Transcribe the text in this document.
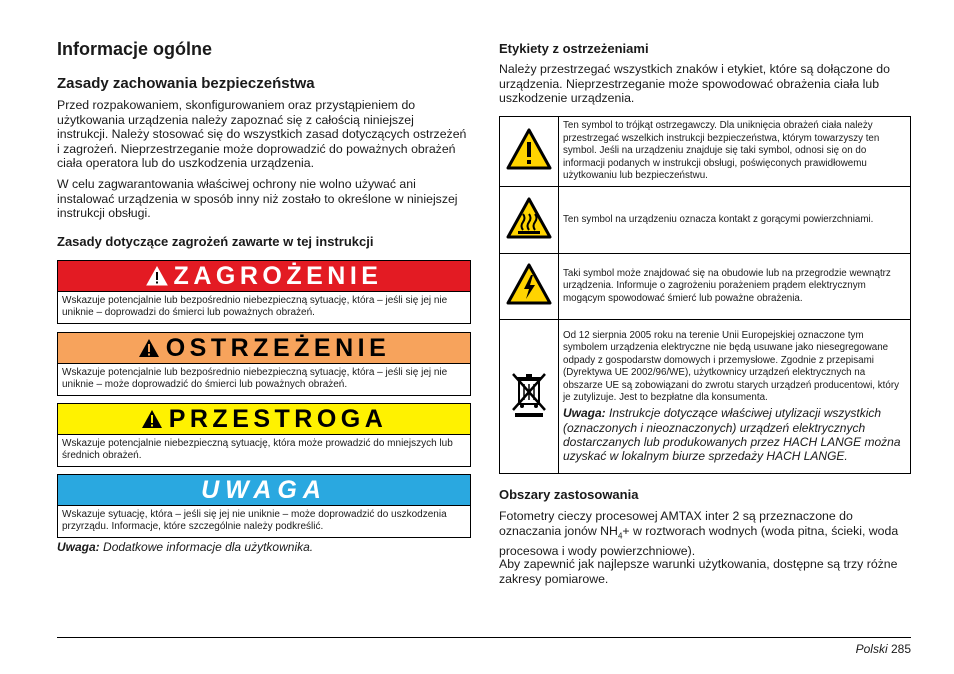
Informacje ogólne
Zasady zachowania bezpieczeństwa

Przed rozpakowaniem, skonfigurowaniem oraz przystąpieniem do użytkowania urządzenia należy zapoznać się z całością niniejszej instrukcji. Należy stosować się do wszystkich zasad dotyczących ostrzeżeń i zagrożeń. Nieprzestrzeganie może doprowadzić do poważnych obrażeń ciała operatora lub do uszkodzenia urządzenia.

W celu zagwarantowania właściwej ochrony nie wolno używać ani instalować urządzenia w sposób inny niż zostało to określone w niniejszej instrukcji obsługi.

Zasady dotyczące zagrożeń zawarte w tej instrukcji
ZAGROŻENIE
Wskazuje potencjalnie lub bezpośrednio niebezpieczną sytuację, która – jeśli się jej nie uniknie – doprowadzi do śmierci lub poważnych obrażeń.
OSTRZEŻENIE
Wskazuje potencjalnie lub bezpośrednio niebezpieczną sytuację, która – jeśli się jej nie uniknie – może doprowadzić do śmierci lub poważnych obrażeń.
PRZESTROGA
Wskazuje potencjalnie niebezpieczną sytuację, która może prowadzić do mniejszych lub średnich obrażeń.
UWAGA
Wskazuje sytuację, która – jeśli się jej nie uniknie – może doprowadzić do uszkodzenia przyrządu. Informacje, które szczególnie należy podkreślić.

Uwaga: Dodatkowe informacje dla użytkownika.

Etykiety z ostrzeżeniami

Należy przestrzegać wszystkich znaków i etykiet, które są dołączone do urządzenia. Nieprzestrzeganie może spowodować obrażenia ciała lub uszkodzenie urządzenia.

	Ten symbol to trójkąt ostrzegawczy. Dla uniknięcia obrażeń ciała należy przestrzegać wszelkich instrukcji bezpieczeństwa, którym towarzyszy ten symbol. Jeśli na urządzeniu znajduje się taki symbol, odnosi się on do informacji podanych w instrukcji obsługi, poświęconych prawidłowemu użytkowaniu lub bezpieczeństwu.
	Ten symbol na urządzeniu oznacza kontakt z gorącymi powierzchniami.
	Taki symbol może znajdować się na obudowie lub na przegrodzie wewnątrz urządzenia. Informuje o zagrożeniu porażeniem prądem elektrycznym mogącym spowodować śmierć lub poważne obrażenia.

Od 12 sierpnia 2005 roku na terenie Unii Europejskiej oznaczone tym symbolem urządzenia elektryczne nie będą usuwane jako niesegregowane odpady z gospodarstw domowych i przemysłowe. Zgodnie z przepisami (Dyrektywa UE 2002/96/WE), użytkownicy urządzeń elektrycznych na obszarze UE są zobowiązani do zwrotu starych urządzeń producentowi, który je zutylizuje. Jest to bezpłatne dla konsumenta.
Uwaga: Instrukcje dotyczące właściwej utylizacji wszystkich (oznaczonych i nieoznaczonych) urządzeń elektrycznych dostarczanych lub produkowanych przez HACH LANGE można uzyskać w lokalnym biurze sprzedaży HACH LANGE.
Obszary zastosowania

Fotometry cieczy procesowej AMTAX inter 2 są przeznaczone do oznaczania jonów $NH_4+ w$ roztworach wodnych (woda pitna, ścieki, woda procesowa i wody powierzchniowe).

Aby zapewnić jak najlepsze warunki użytkowania, dostępne są trzy różne zakresy pomiarowe.

Polski 285
